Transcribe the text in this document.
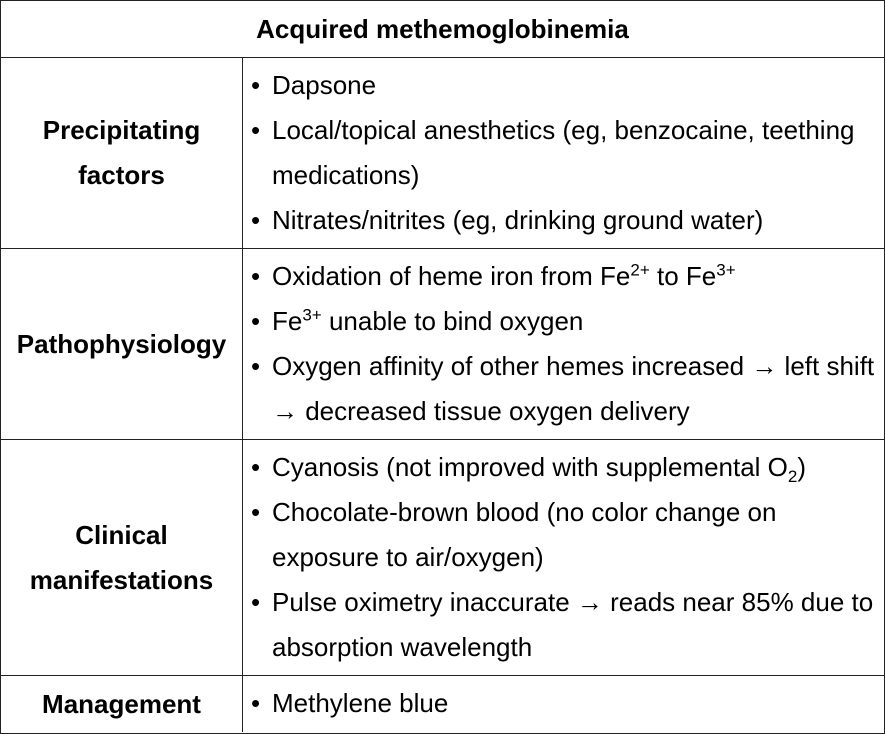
Acquired methemoglobinemia
Precipitating
factors
• Dapsone
• Local/topical anesthetics (eg, benzocaine, teething medications)
• Nitrates/nitrites (eg, drinking ground water)
Pathophysiology
• Oxidation of heme iron from $Fe^{2+}$ to $Fe^{3+}$
• $Fe^{3+}$ unable to bind oxygen
• Oxygen affinity of other hemes increased → left shift → decreased tissue oxygen delivery
Clinical
manifestations
• Cyanosis (not improved with supplemental $O_2$)
• Chocolate-brown blood (no color change on exposure to air/oxygen)
• Pulse oximetry inaccurate → reads near 85% due to absorption wavelength
Management
•	Methylene blue
